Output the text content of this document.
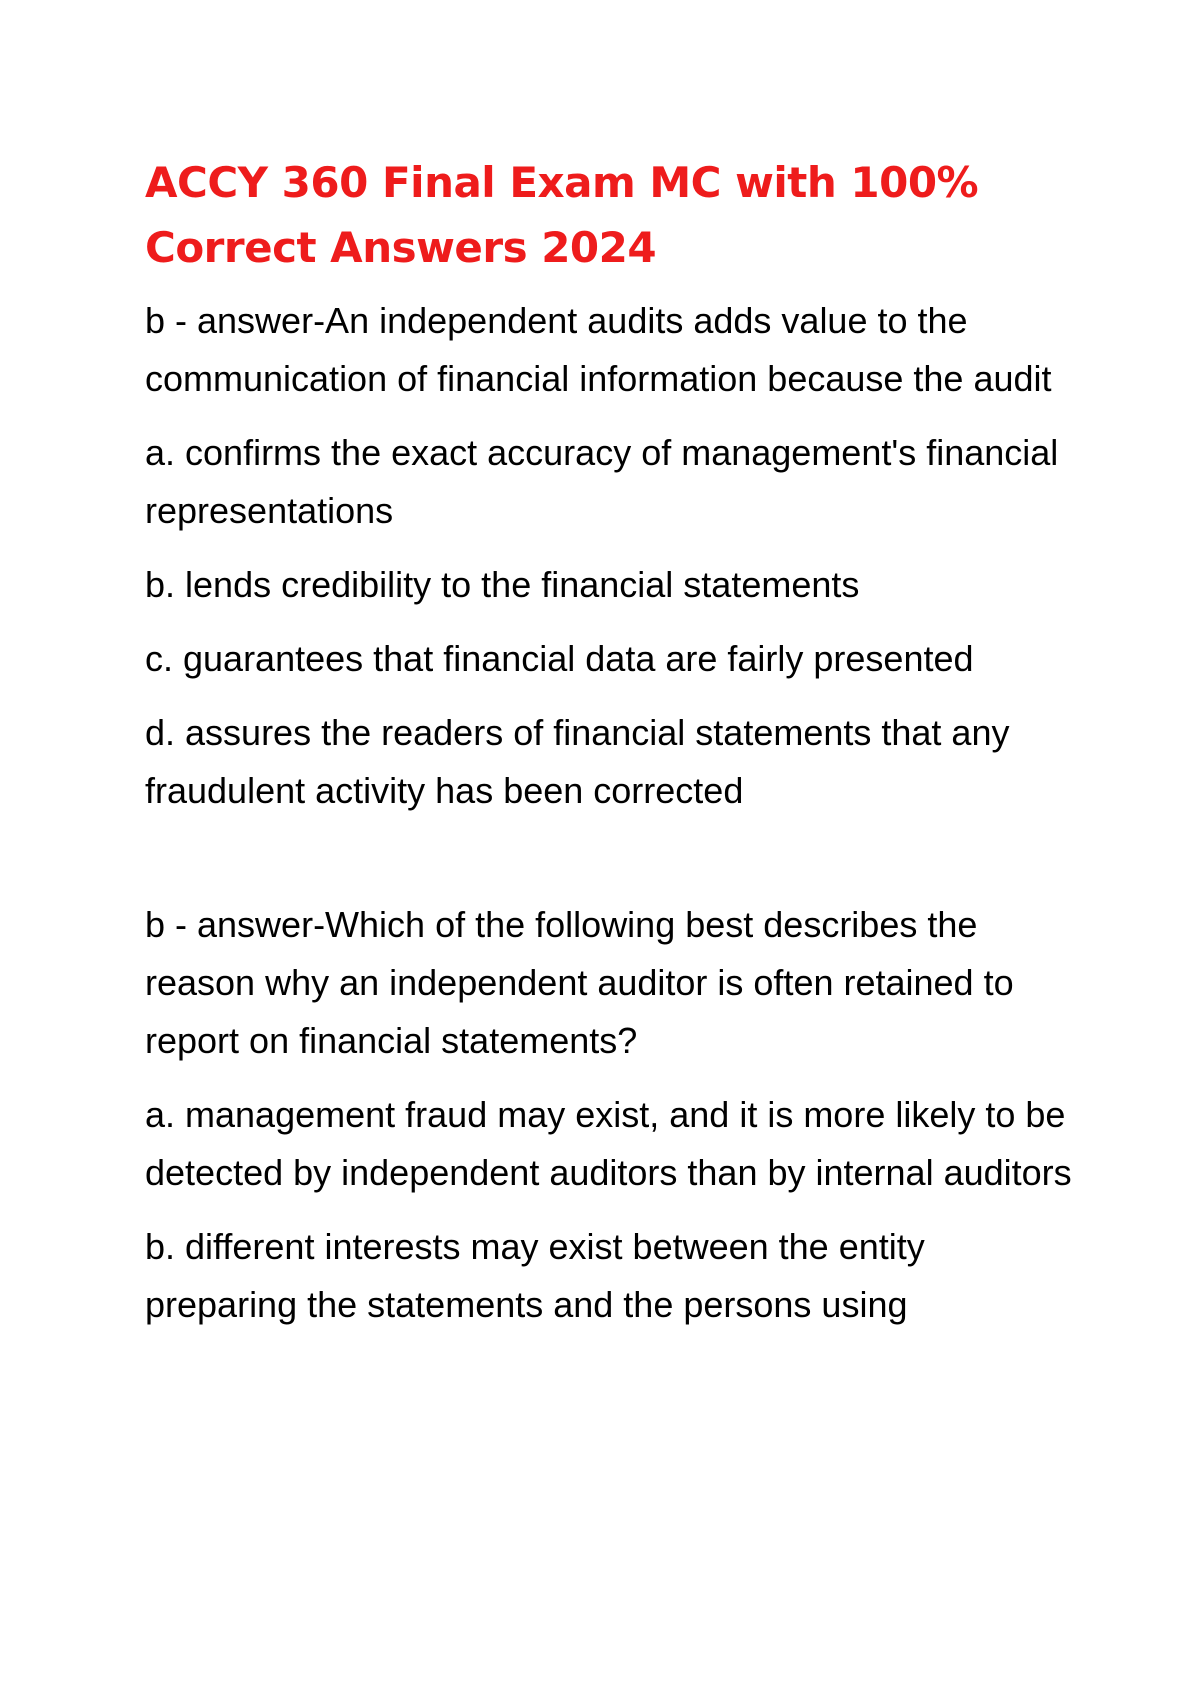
ACCY 360 Final Exam MC with 100% Correct Answers 2024

b - answer-An independent audits adds value to the communication of financial information because the audit

a. confirms the exact accuracy of management's financial representations

b. lends credibility to the financial statements

c. guarantees that financial data are fairly presented

d. assures the readers of financial statements that any fraudulent activity has been corrected

b - answer-Which of the following best describes the reason why an independent auditor is often retained to report on financial statements?

a. management fraud may exist, and it is more likely to be detected by independent auditors than by internal auditors

b. different interests may exist between the entity preparing the statements and the persons using
